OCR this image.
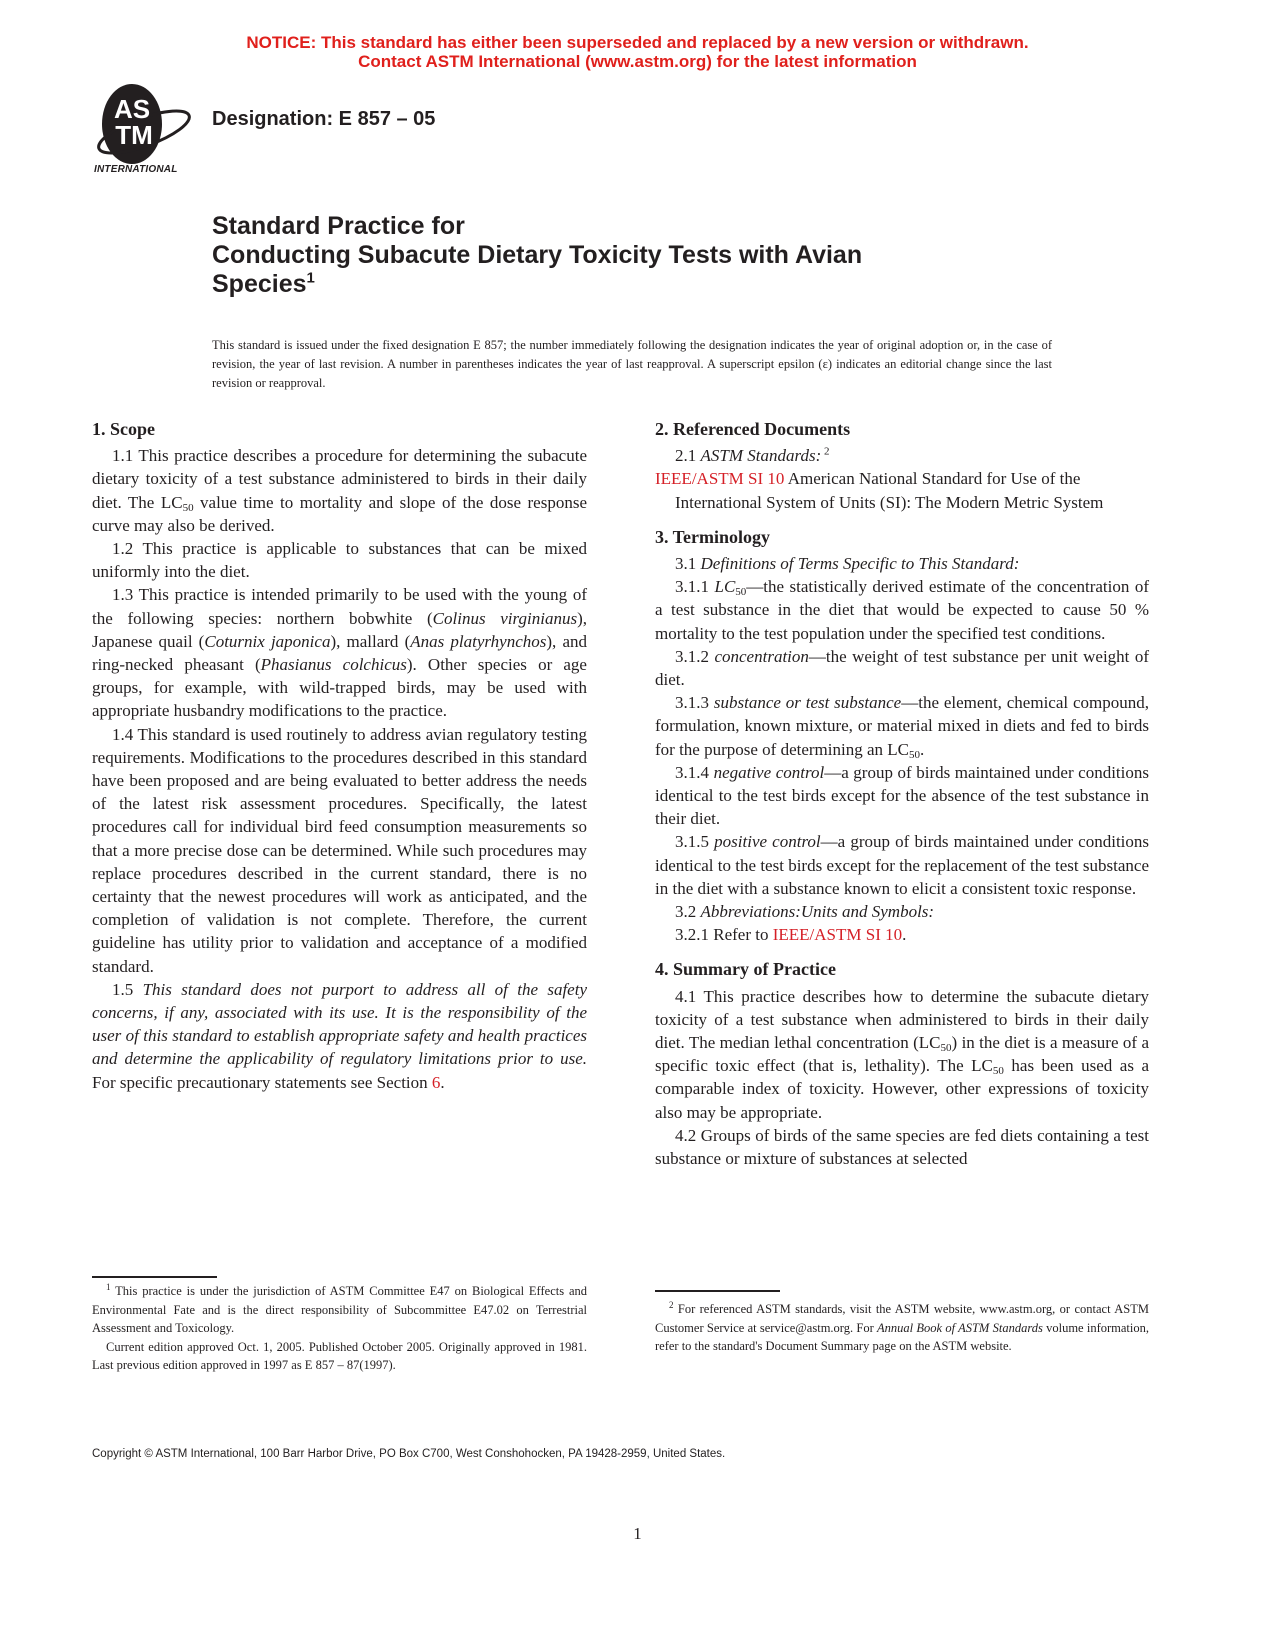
NOTICE: This standard has either been superseded and replaced by a new version or withdrawn.
Contact ASTM International (www.astm.org) for the latest information
AS
TM
INTERNATIONAL
Designation: E 857 – 05
Standard Practice for
Conducting Subacute Dietary Toxicity Tests with Avian
Species$^1$
This standard is issued under the fixed designation E 857; the number immediately following the designation indicates the year of original adoption or, in the case of revision, the year of last revision. A number in parentheses indicates the year of last reapproval. A superscript epsilon (ε) indicates an editorial change since the last revision or reapproval.
1. Scope

1.1 This practice describes a procedure for determining the subacute dietary toxicity of a test substance administered to birds in their daily diet. The $LC_{50}$ value time to mortality and slope of the dose response curve may also be derived.

1.2 This practice is applicable to substances that can be mixed uniformly into the diet.

1.3 This practice is intended primarily to be used with the young of the following species: northern bobwhite (Colinus virginianus), Japanese quail (Coturnix japonica), mallard (Anas platyrhynchos), and ring-necked pheasant (Phasianus colchicus). Other species or age groups, for example, with wild-trapped birds, may be used with appropriate husbandry modifications to the practice.

1.4 This standard is used routinely to address avian regulatory testing requirements. Modifications to the procedures described in this standard have been proposed and are being evaluated to better address the needs of the latest risk assessment procedures. Specifically, the latest procedures call for individual bird feed consumption measurements so that a more precise dose can be determined. While such procedures may replace procedures described in the current standard, there is no certainty that the newest procedures will work as anticipated, and the completion of validation is not complete. Therefore, the current guideline has utility prior to validation and acceptance of a modified standard.

1.5 This standard does not purport to address all of the safety concerns, if any, associated with its use. It is the responsibility of the user of this standard to establish appropriate safety and health practices and determine the applicability of regulatory limitations prior to use. For specific precautionary statements see Section 6.

2. Referenced Documents

2.1 ASTM Standards: $^2$

IEEE/ASTM SI 10 American National Standard for Use of the International System of Units (SI): The Modern Metric System

3. Terminology

3.1 Definitions of Terms Specific to This Standard:

3.1.1 $LC_{50}—the$ statistically derived estimate of the concentration of a test substance in the diet that would be expected to cause 50 % mortality to the test population under the specified test conditions.

3.1.2 concentration—the weight of test substance per unit weight of diet.

3.1.3 substance or test substance—the element, chemical compound, formulation, known mixture, or material mixed in diets and fed to birds for the purpose of determining an $LC_{50}$.

3.1.4 negative control—a group of birds maintained under conditions identical to the test birds except for the absence of the test substance in their diet.

3.1.5 positive control—a group of birds maintained under conditions identical to the test birds except for the replacement of the test substance in the diet with a substance known to elicit a consistent toxic response.

3.2 Abbreviations:Units and Symbols:

3.2.1 Refer to IEEE/ASTM SI 10.

4. Summary of Practice

4.1 This practice describes how to determine the subacute dietary toxicity of a test substance when administered to birds in their daily diet. The median lethal concentration $(LC_{50})$ in the diet is a measure of a specific toxic effect (that is, lethality). The $LC_{50}$ has been used as a comparable index of toxicity. However, other expressions of toxicity also may be appropriate.

4.2 Groups of birds of the same species are fed diets containing a test substance or mixture of substances at selected

$^1$ This practice is under the jurisdiction of ASTM Committee E47 on Biological Effects and Environmental Fate and is the direct responsibility of Subcommittee E47.02 on Terrestrial Assessment and Toxicology.

Current edition approved Oct. 1, 2005. Published October 2005. Originally approved in 1981. Last previous edition approved in 1997 as E 857 – 87(1997).

$^2$ For referenced ASTM standards, visit the ASTM website, www.astm.org, or contact ASTM Customer Service at service@astm.org. For Annual Book of ASTM Standards volume information, refer to the standard's Document Summary page on the ASTM website.

Copyright © ASTM International, 100 Barr Harbor Drive, PO Box C700, West Conshohocken, PA 19428-2959, United States.
1
